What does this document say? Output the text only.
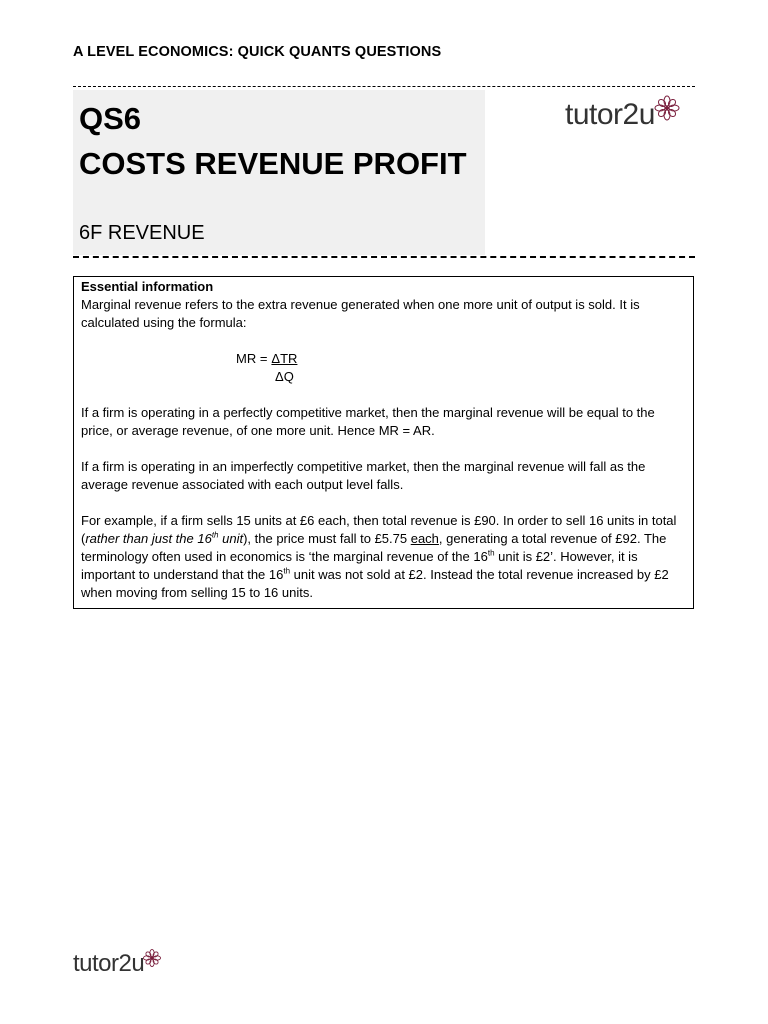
A LEVEL ECONOMICS: QUICK QUANTS QUESTIONS
QS6
COSTS REVENUE PROFIT
6F REVENUE
tutor2u

Essential information

Marginal revenue refers to the extra revenue generated when one more unit of output is sold. It is calculated using the formula:

MR = $\frac{\text{ΔTR}}{\Delta Q}$

If a firm is operating in a perfectly competitive market, then the marginal revenue will be equal to the price, or average revenue, of one more unit. Hence MR = AR.

If a firm is operating in an imperfectly competitive market, then the marginal revenue will fall as the average revenue associated with each output level falls.

For example, if a firm sells 15 units at £6 each, then total revenue is £90. In order to sell 16 units in total (rather than just the 16th unit), the price must fall to £5.75 each, generating a total revenue of £92. The terminology often used in economics is ‘the marginal revenue of the 16th unit is £2’. However, it is important to understand that the 16th unit was not sold at £2. Instead the total revenue increased by £2 when moving from selling 15 to 16 units.

tutor2u
